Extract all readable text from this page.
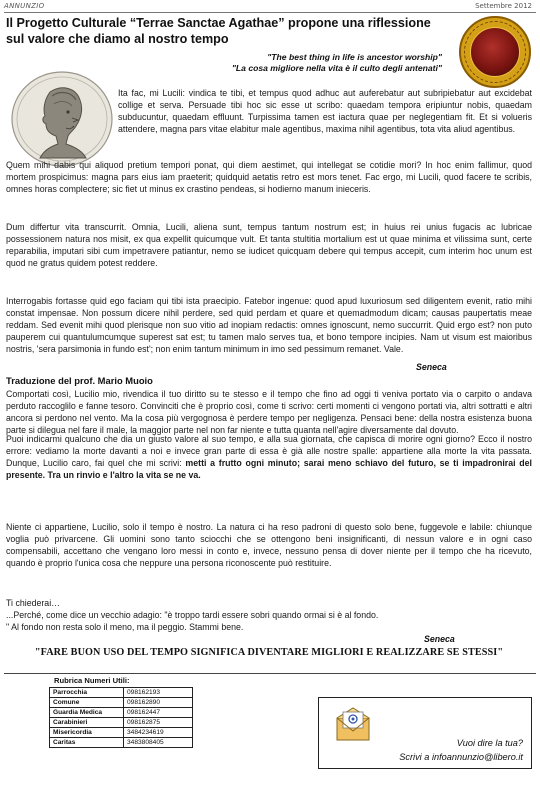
ANNUNZIO	Settembre 2012
Il Progetto Culturale “Terrae Sanctae Agathae” propone una riflessione sul valore che diamo al nostro tempo
"The best thing in life is ancestor worship"
"La cosa migliore nella vita è il culto degli antenati"
Ita fac, mi Lucili: vindica te tibi, et tempus quod adhuc aut auferebatur aut subripiebatur aut excidebat collige et serva. Persuade tibi hoc sic esse ut scribo: quaedam tempora eripiuntur nobis, quaedam subducuntur, quaedam effluunt. Turpissima tamen est iactura quae per neglegentiam fit. Et si volueris attendere, magna pars vitae elabitur male agentibus, maxima nihil agentibus, tota vita aliud agentibus.
Quem mihi dabis qui aliquod pretium tempori ponat, qui diem aestimet, qui intellegat se cotidie mori? In hoc enim fallimur, quod mortem prospicimus: magna pars eius iam praeterit; quidquid aetatis retro est mors tenet. Fac ergo, mi Lucili, quod facere te scribis, omnes horas complectere; sic fiet ut minus ex crastino pendeas, si hodierno manum inieceris.
Dum differtur vita transcurrit. Omnia, Lucili, aliena sunt, tempus tantum nostrum est; in huius rei unius fugacis ac lubricae possessionem natura nos misit, ex qua expellit quicumque vult. Et tanta stultitia mortalium est ut quae minima et vilissima sunt, certe reparabilia, imputari sibi cum impetravere patiantur, nemo se iudicet quicquam debere qui tempus accepit, cum interim hoc unum est quod ne gratus quidem potest reddere.
Interrogabis fortasse quid ego faciam qui tibi ista praecipio. Fatebor ingenue: quod apud luxuriosum sed diligentem evenit, ratio mihi constat impensae. Non possum dicere nihil perdere, sed quid perdam et quare et quemadmodum dicam; causas paupertatis meae reddam. Sed evenit mihi quod plerisque non suo vitio ad inopiam redactis: omnes ignoscunt, nemo succurrit. Quid ergo est? non puto pauperem cui quantulumcumque superest sat est; tu tamen malo serves tua, et bono tempore incipies. Nam ut visum est maioribus nostris, 'sera parsimonia in fundo est'; non enim tantum minimum in imo sed pessimum remanet. Vale.
Seneca
Traduzione del prof. Mario Muoio
Comportati così, Lucilio mio, rivendica il tuo diritto su te stesso e il tempo che fino ad oggi ti veniva portato via o carpito o andava perduto raccoglilo e fanne tesoro. Convinciti che è proprio così, come ti scrivo: certi momenti ci vengono portati via, altri sottratti e altri ancora si perdono nel vento. Ma la cosa più vergognosa è perdere tempo per negligenza. Pensaci bene: della nostra esistenza buona parte si dilegua nel fare il male, la maggior parte nel non far niente e tutta quanta nell'agire diversamente dal dovuto.
Puoi indicarmi qualcuno che dia un giusto valore al suo tempo, e alla sua giornata, che capisca di morire ogni giorno? Ecco il nostro errore: vediamo la morte davanti a noi e invece gran parte di essa è già alle nostre spalle: appartiene alla morte la vita passata. Dunque, Lucilio caro, fai quel che mi scrivi: metti a frutto ogni minuto; sarai meno schiavo del futuro, se ti impadronirai del presente. Tra un rinvio e l'altro la vita se ne va.
Niente ci appartiene, Lucilio, solo il tempo è nostro. La natura ci ha reso padroni di questo solo bene, fuggevole e labile: chiunque voglia può privarcene. Gli uomini sono tanto sciocchi che se ottengono beni insignificanti, di nessun valore e in ogni caso compensabili, accettano che vengano loro messi in conto e, invece, nessuno pensa di dover niente per il tempo che ha ricevuto, quando è proprio l'unica cosa che neppure una persona riconoscente può restituire.
Ti chiederai…
...Perché, come dice un vecchio adagio: "è troppo tardi essere sobri quando ormai si è al fondo.
" Al fondo non resta solo il meno, ma il peggio. Stammi bene.
Seneca
"FARE BUON USO DEL TEMPO SIGNIFICA DIVENTARE MIGLIORI E REALIZZARE SE STESSI"
Rubrica Numeri Utili:
Parrocchia	098162193
Comune	098162890
Guardia Medica	098162447
Carabinieri	098162875
Misericordia	3484234619
Caritas	3483808405	Vuoi dire la tua?
Scrivi a infoannunzio@libero.it
